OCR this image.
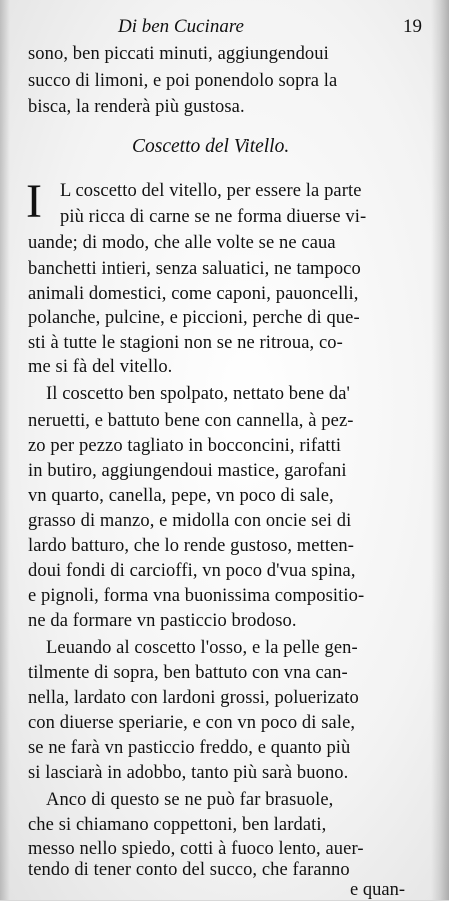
Di ben Cucinare	19
sono, ben piccati minuti, aggiungendoui
succo di limoni, e poi ponendolo sopra la
bisca, la renderà più gustosa.
Coscetto del Vitello.
I L coscetto del vitello, per essere la parte
più ricca di carne se ne forma diuerse vi-
uande; di modo, che alle volte se ne caua
banchetti intieri, senza saluatici, ne tampoco
animali domestici, come caponi, pauoncelli,
polanche, pulcine, e piccioni, perche di que-
sti à tutte le stagioni non se ne ritroua, co-
me si fà del vitello.
Il coscetto ben spolpato, nettato bene da'
neruetti, e battuto bene con cannella, à pez-
zo per pezzo tagliato in bocconcini, rifatti
in butiro, aggiungendoui mastice, garofani
vn quarto, canella, pepe, vn poco di sale,
grasso di manzo, e midolla con oncie sei di
lardo batturo, che lo rende gustoso, metten-
doui fondi di carcioffi, vn poco d'vua spina,
e pignoli, forma vna buonissima compositio-
ne da formare vn pasticcio brodoso.
Leuando al coscetto l'osso, e la pelle gen-
tilmente di sopra, ben battuto con vna can-
nella, lardato con lardoni grossi, poluerizato
con diuerse speriarie, e con vn poco di sale,
se ne farà vn pasticcio freddo, e quanto più
si lasciarà in adobbo, tanto più sarà buono.
Anco di questo se ne può far brasuole,
che si chiamano coppettoni, ben lardati,
messo nello spiedo, cotti à fuoco lento, auer-
tendo di tener conto del succo, che faranno
e quan-
